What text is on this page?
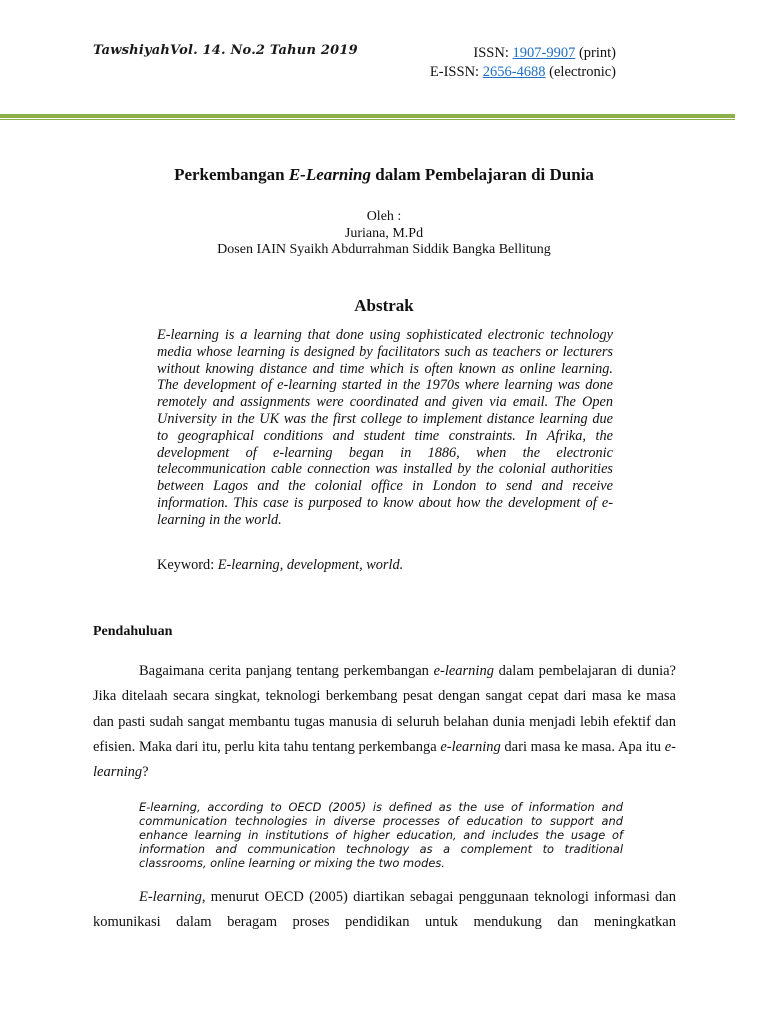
TawshiyahVol. 14. No.2 Tahun 2019	ISSN: 1907-9907 (print)
E-ISSN: 2656-4688 (electronic)
Perkembangan E-Learning dalam Pembelajaran di Dunia
Oleh :
Juriana, M.Pd
Dosen IAIN Syaikh Abdurrahman Siddik Bangka Bellitung
Abstrak

E-learning is a learning that done using sophisticated electronic technology media whose learning is designed by facilitators such as teachers or lecturers without knowing distance and time which is often known as online learning. The development of e-learning started in the 1970s where learning was done remotely and assignments were coordinated and given via email. The Open University in the UK was the first college to implement distance learning due to geographical conditions and student time constraints. In Afrika, the development of e-learning began in 1886, when the electronic telecommunication cable connection was installed by the colonial authorities between Lagos and the colonial office in London to send and receive information. This case is purposed to know about how the development of e-learning in the world.

Keyword: E-learning, development, world.

Pendahuluan

Bagaimana cerita panjang tentang perkembangan e-learning dalam pembelajaran di dunia? Jika ditelaah secara singkat, teknologi berkembang pesat dengan sangat cepat dari masa ke masa dan pasti sudah sangat membantu tugas manusia di seluruh belahan dunia menjadi lebih efektif dan efisien. Maka dari itu, perlu kita tahu tentang perkembanga e-learning dari masa ke masa. Apa itu e-learning?

E-learning, according to OECD (2005) is defined as the use of information and communication technologies in diverse processes of education to support and enhance learning in institutions of higher education, and includes the usage of information and communication technology as a complement to traditional classrooms, online learning or mixing the two modes.

E-learning, menurut OECD (2005) diartikan sebagai penggunaan teknologi informasi dan komunikasi dalam beragam proses pendidikan untuk mendukung dan meningkatkan
